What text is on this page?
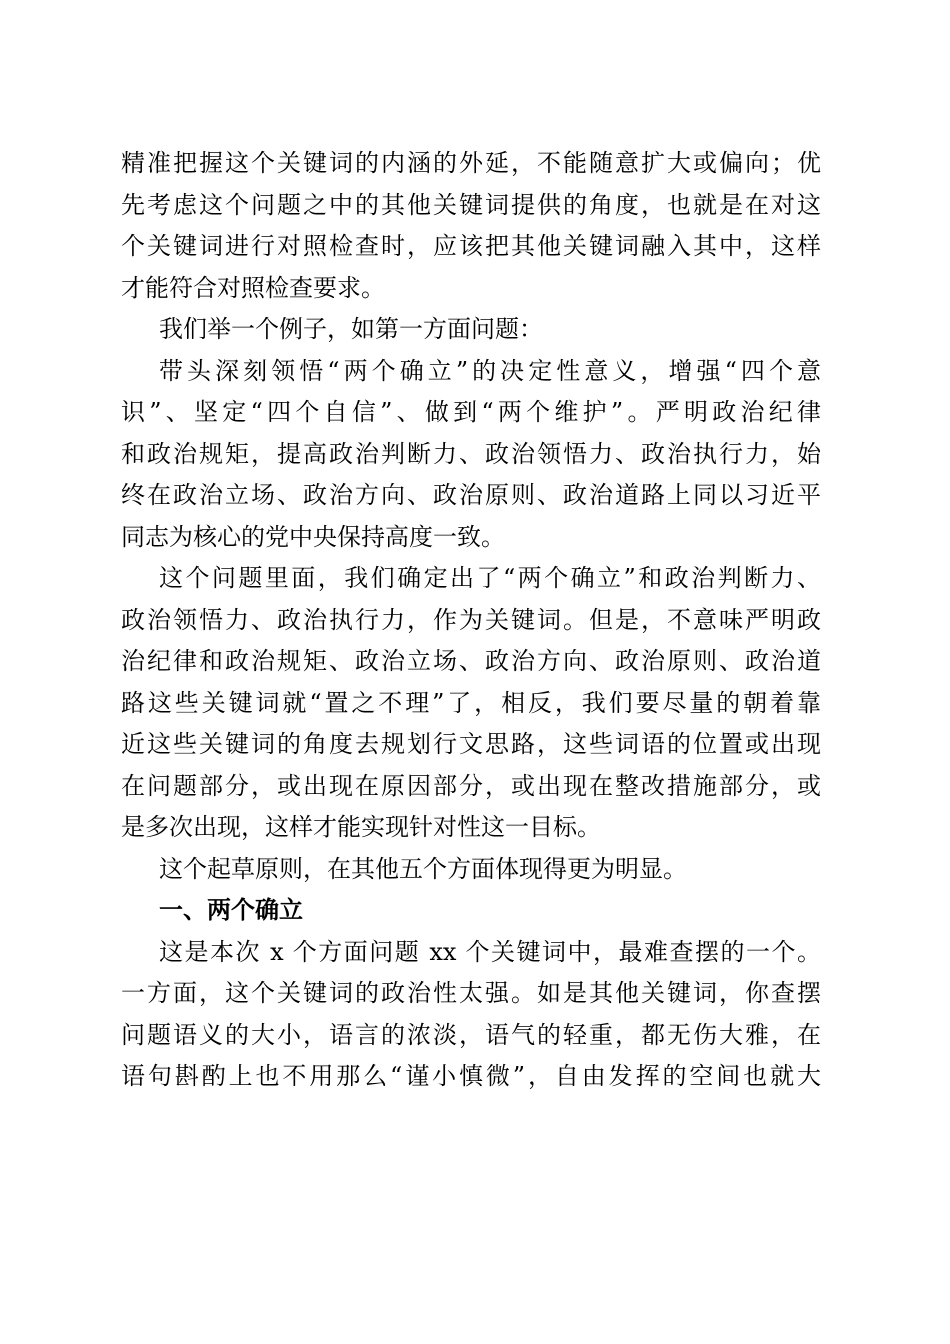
精准把握这个关键词的内涵的外延，不能随意扩大或偏向；优
先考虑这个问题之中的其他关键词提供的角度，也就是在对这
个关键词进行对照检查时，应该把其他关键词融入其中，这样
才能符合对照检查要求。
我们举一个例子，如第一方面问题：
带头深刻领悟“两个确立”的决定性意义，增强“四个意
识”、坚定“四个自信”、做到“两个维护”。严明政治纪律
和政治规矩，提高政治判断力、政治领悟力、政治执行力，始
终在政治立场、政治方向、政治原则、政治道路上同以习近平
同志为核心的党中央保持高度一致。
这个问题里面，我们确定出了“两个确立”和政治判断力、
政治领悟力、政治执行力，作为关键词。但是，不意味严明政
治纪律和政治规矩、政治立场、政治方向、政治原则、政治道
路这些关键词就“置之不理”了，相反，我们要尽量的朝着靠
近这些关键词的角度去规划行文思路，这些词语的位置或出现
在问题部分，或出现在原因部分，或出现在整改措施部分，或
是多次出现，这样才能实现针对性这一目标。
这个起草原则，在其他五个方面体现得更为明显。
一、两个确立
这是本次 x 个方面问题 xx 个关键词中，最难查摆的一个。
一方面，这个关键词的政治性太强。如是其他关键词，你查摆
问题语义的大小，语言的浓淡，语气的轻重，都无伤大雅，在
语句斟酌上也不用那么“谨小慎微”，自由发挥的空间也就大
